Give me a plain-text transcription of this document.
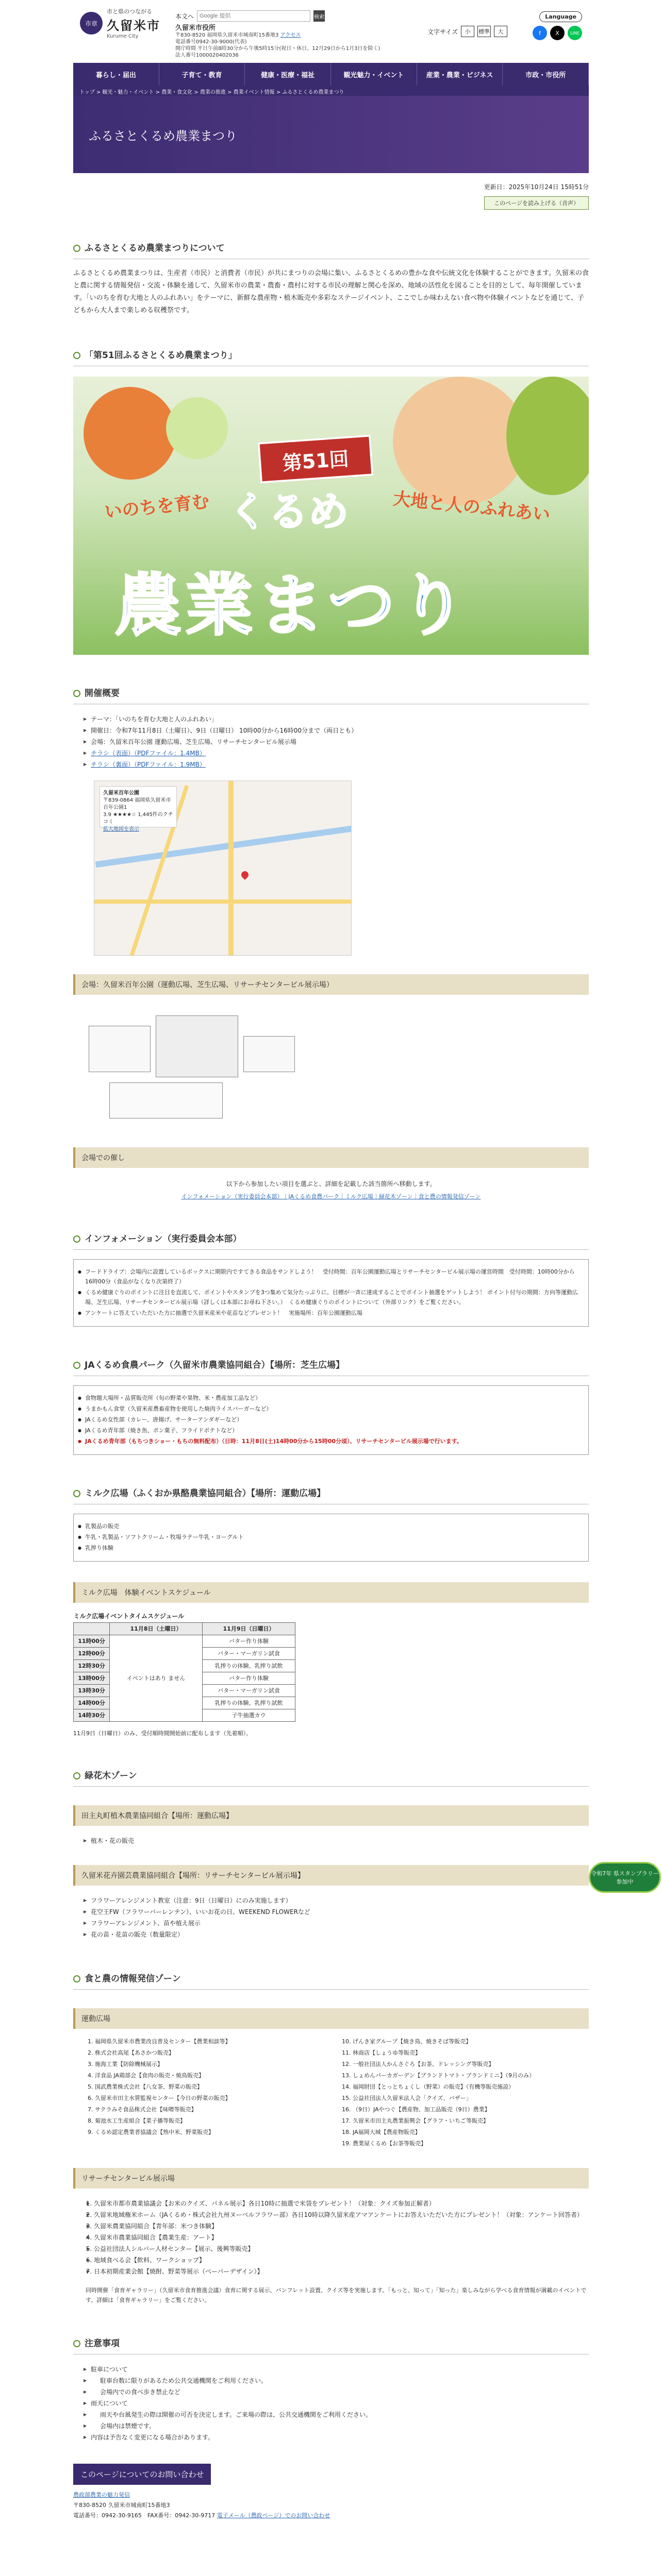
市章
市と県のつながる
久留米市
Kurume City
本文へ
Google 提供	検索
久留米市役所
〒830-8520 福岡県久留米市城南町15番地3 アクセス
電話番号0942-30-9000(代表)
開庁時間 平日午前8時30分から午後5時15分(祝日・休日、12月29日から1月3日を除く)
法人番号1000020402036
Language
文字サイズ	小	標準	大	f	X	LINE
暮らし・届出	子育て・教育	健康・医療・福祉	観光魅力・イベント	産業・農業・ビジネス	市政・市役所
トップ > 観光・魅力・イベント > 農業・食文化 > 農業の推進 > 農業イベント情報 > ふるさとくるめ農業まつり
ふるさとくるめ農業まつり
令和7年 県スタンプラリー参加中
更新日：2025年10月24日 15時51分
このページを読み上げる（音声）
ふるさとくるめ農業まつりについて

ふるさとくるめ農業まつりは、生産者（市民）と消費者（市民）が共にまつりの会場に集い、ふるさとくるめの豊かな食や伝統文化を体験することができます。久留米の食と農に関する情報発信・交流・体験を通して、久留米市の農業・農畜・農村に対する市民の理解と関心を深め、地域の活性化を図ることを目的として、毎年開催しています。「いのちを育む大地と人のふれあい」をテーマに、新鮮な農産物・植木販売や多彩なステージイベント、ここでしか味わえない食べ物や体験イベントなどを通じて、子どもから大人まで楽しめる収穫祭です。

「第51回ふるさとくるめ農業まつり」
第51回
いのちを育む	大地と人のふれあい
くるめ
農業まつり
開催概要
▶ テーマ：「いのちを育む大地と人のふれあい」
▶ 開催日：令和7年11月8日（土曜日）、9日（日曜日） 10時00分から16時00分まで（両日とも）
▶ 会場：久留米百年公園 運動広場、芝生広場、リサーチセンタービル展示場
▶ チラシ（表面）（PDFファイル：1.4MB）
▶ チラシ（裏面）（PDFファイル：1.9MB）
久留米百年公園
〒839-0864 福岡県久留米市百年公園1
3.9 ★★★★☆ 1,445件のクチコミ
拡大地図を表示
会場：久留米百年公園（運動広場、芝生広場、リサーチセンタービル展示場）
会場での催し
以下から参加したい項目を選ぶと、詳細を記載した該当箇所へ移動します。
インフォメーション（実行委員会本部）｜JAくるめ食農パーク｜ミルク広場｜緑花木ゾーン｜食と農の情報発信ゾーン
インフォメーション（実行委員会本部）
● フードドライブ：会場内に設置しているボックスに期限内ですてきる食品をサンドしよう！　受付時間：百年公園運動広場とリサーチセンタービル展示場の運営時間　受付時間：10時00分から16時00分（食品がなくなり次第終了）
● くるめ健康ぐりのポイントに注目を直流して、ポイントやスタンプを3つ集めて気分たっぷりに。目標が一斉に達成することでポイント抽選をゲットしよう！ ポイント付与の期間：方向等運動広場、芝生広場、リサーチセンタービル展示場（詳しくは本部にお尋ね下さい。）　くるめ健康ぐりのポイントについて（外部リンク）をご覧ください。
● アンケートに答えていただいた方に抽選で久留米産米や花苗などプレゼント！　実施場所：百年公園運動広場
JAくるめ食農パーク（久留米市農業協同組合）【場所：芝生広場】
● 食物題大場所・品質販売所（旬の野菜や果物、米・農産加工品など）
● うまかもん食堂（久留米産農畜産物を使用した焼肉ライスバーガーなど）
● JAくるめ女性部（カレー、唐揚げ、サーターアンダギーなど）
● JAくるめ青年部（焼き魚、ポン菓子、フライドポテトなど）
● JAくるめ青年部（もちつきショー・もちの無料配布）（日時：11月8日(土)14時00分から15時00分頃）、リサーチセンタービル展示場で行います。
ミルク広場（ふくおか県酪農業協同組合）【場所：運動広場】
● 乳製品の販売
● 牛乳・乳製品・ソフトクリーム・牧場ラテー牛乳・ヨーグルト
● 乳搾り体験
ミルク広場　体験イベントスケジュール
ミルク広場イベントタイムスケジュール		
	11月8日（土曜日）	11月9日（日曜日）
11時00分	イベントはあり ません	バター作り体験
12時00分		バター・マーガリン試食
12時30分		乳搾りの体験、乳搾り試飲
13時00分		バター作り体験
13時30分		バター・マーガリン試食
14時00分		乳搾りの体験、乳搾り試飲
14時30分		子牛抽選カウ
11月9日（日曜日）のみ、受付順時間開始前に配布します（先着順）。
緑花木ゾーン
田主丸町植木農業協同組合【場所：運動広場】
▶ 植木・花の販売
久留米花卉園芸農業協同組合【場所：リサーチセンタービル展示場】
▶ フラワーアレンジメント教室（注意：9日（日曜日）にのみ実施します）
▶ 花空王FW（フラワーバーレンテン）、いいお花の日、WEEKEND FLOWERなど
▶ フラワーアレンジメント、苗や植え展示
▶ 花の苗・花苗の販売（数量限定）
食と農の情報発信ゾーン
運動広場
1. 福岡県久留米市農業改良普及センター【農業相談等】
2. 株式会社高尾【あさかつ販売】
3. 施海工業【防除機械展示】
4. 洋食品 JA鶏部会【食肉の販売・焼鳥販売】
5. 国武農業株式会社【八女茶、野菜の販売】
6. 久留米市田主水質監視センター【今日の野菜の販売】
7. サクラみそ食品株式会社【味噌等販売】
8. 菊池水工生産組合【菜子播等販売】
9. くるめ認定農業者協議会【熟中米、野菜販売】
10. げんき家グループ【焼き鳥、焼きそば等販売】
11. 林商店【しょうゆ等販売】
12. 一般社団法人かんさぐろ【お茶、ドレッシング等販売】
13. しょめんパーカガーデン【ブランドトマト・ブランドミニ】（9月のみ）
14. 福岡財団【とっとちょくし（野菜）の販売】（有機等販売施設）
15. 公益社団法人久留米法人会「クイズ、バザー」
16. （9日）JAやつぐ【農産物、加工品販売（9日）農業】
17. 久留米市田主丸農業振興会【グラフ・いちご等販売】
18. JA福岡大城【農産物販売】
19. 農業屋くるめ【お茶等販売】
リサーチセンタービル展示場
▶ 1. 久留米市都市農業協議会【お米のクイズ、パネル展示】各日10時に抽選で米袋をプレゼント！（対象：クイズ参加正解者）
▶ 2. 久留米地域権米ホーム（JAくるめ・株式会社九州ヌーベルフラワー部）各日10時以降久留米産アマアンケートにお答えいただいた方にプレゼント！（対象：アンケート回答者）
▶ 3. 久留米農業協同組合【青年部：米つき体験】
▶ 4. 久留米市農業協同組合【農業生産：アート】
▶ 5. 公益社団法人シルバー人材センター【展示、後興等販売】
▶ 6. 地域食べる会【飲料、ワークショップ】
▶ 7. 日本初期産業会館【焼酎、野菜等展示（ベーパーデザイン）】

同時開催「食育ギャラリー」（久留米市食育推進会議）食育に関する展示、バンフレット設置、クイズ等を実施します。「もっと、知って」「知った」楽しみながら学べる食育情報が満載のイベントです。詳細は「食育ギャラリー」をご覧ください。

注意事項
▶ 駐車について
▶ 駐車台数に限りがあるため公共交通機関をご利用ください。
▶ 会場内での食べ歩き禁止など
▶ 雨天について
▶ 雨天や台風発生の際は開催の可否を決定します。ご来場の際は、公共交通機関をご利用ください。
▶ 会場内は禁煙です。
▶ 内容は予告なく変更になる場合があります。
このページについてのお問い合わせ
農政部農業の魅力発信
〒830-8520 久留米市城南町15番地3
電話番号：0942-30-9165　FAX番号：0942-30-9717 電子メール（農政ページ）でのお問い合わせ
